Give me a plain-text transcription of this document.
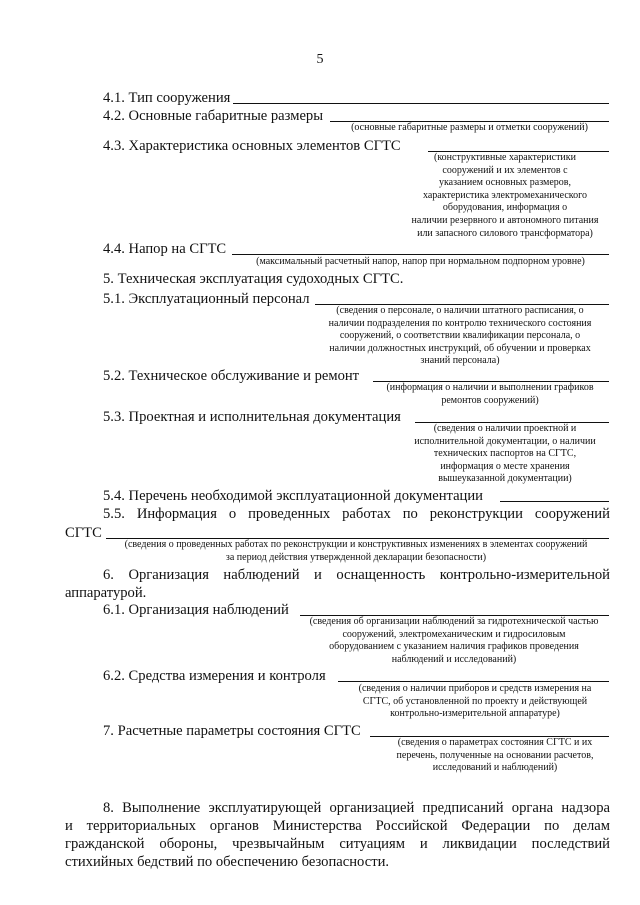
5
4.1. Тип сооружения
4.2. Основные габаритные размеры
(основные габаритные размеры и отметки сооружений)
4.3. Характеристика основных элементов СГТС
(конструктивные характеристики
сооружений и их элементов с
указанием основных размеров,
характеристика электромеханического
оборудования, информация о
наличии резервного и автономного питания
или запасного силового трансформатора)
4.4. Напор на СГТС
(максимальный расчетный напор, напор при нормальном подпорном уровне)
5. Техническая эксплуатация судоходных СГТС.
5.1. Эксплуатационный персонал
(сведения о персонале, о наличии штатного расписания, о
наличии подразделения по контролю технического состояния
сооружений, о соответствии квалификации персонала, о
наличии должностных инструкций, об обучении и проверках
знаний персонала)
5.2. Техническое обслуживание и ремонт
(информация о наличии и выполнении графиков
ремонтов сооружений)
5.3. Проектная и исполнительная документация
(сведения о наличии проектной и
исполнительной документации, о наличии
технических паспортов на СГТС,
информация о месте хранения
вышеуказанной документации)
5.4. Перечень необходимой эксплуатационной документации
5.5. Информация о проведенных работах по реконструкции сооружений
СГТС
(сведения о проведенных работах по реконструкции и конструктивных изменениях в элементах сооружений
за период действия утвержденной декларации безопасности)
6. Организация наблюдений и оснащенность контрольно-измерительной
аппаратурой.
6.1. Организация наблюдений
(сведения об организации наблюдений за гидротехнической частью
сооружений, электромеханическим и гидросиловым
оборудованием с указанием наличия графиков проведения
наблюдений и исследований)
6.2. Средства измерения и контроля
(сведения о наличии приборов и средств измерения на
СГТС, об установленной по проекту и действующей
контрольно-измерительной аппаратуре)
7. Расчетные параметры состояния СГТС
(сведения о параметрах состояния СГТС и их
перечень, полученные на основании расчетов,
исследований и наблюдений)
8. Выполнение эксплуатирующей организацией предписаний органа надзора
и территориальных органов Министерства Российской Федерации по делам
гражданской обороны, чрезвычайным ситуациям и ликвидации последствий
стихийных бедствий по обеспечению безопасности.
